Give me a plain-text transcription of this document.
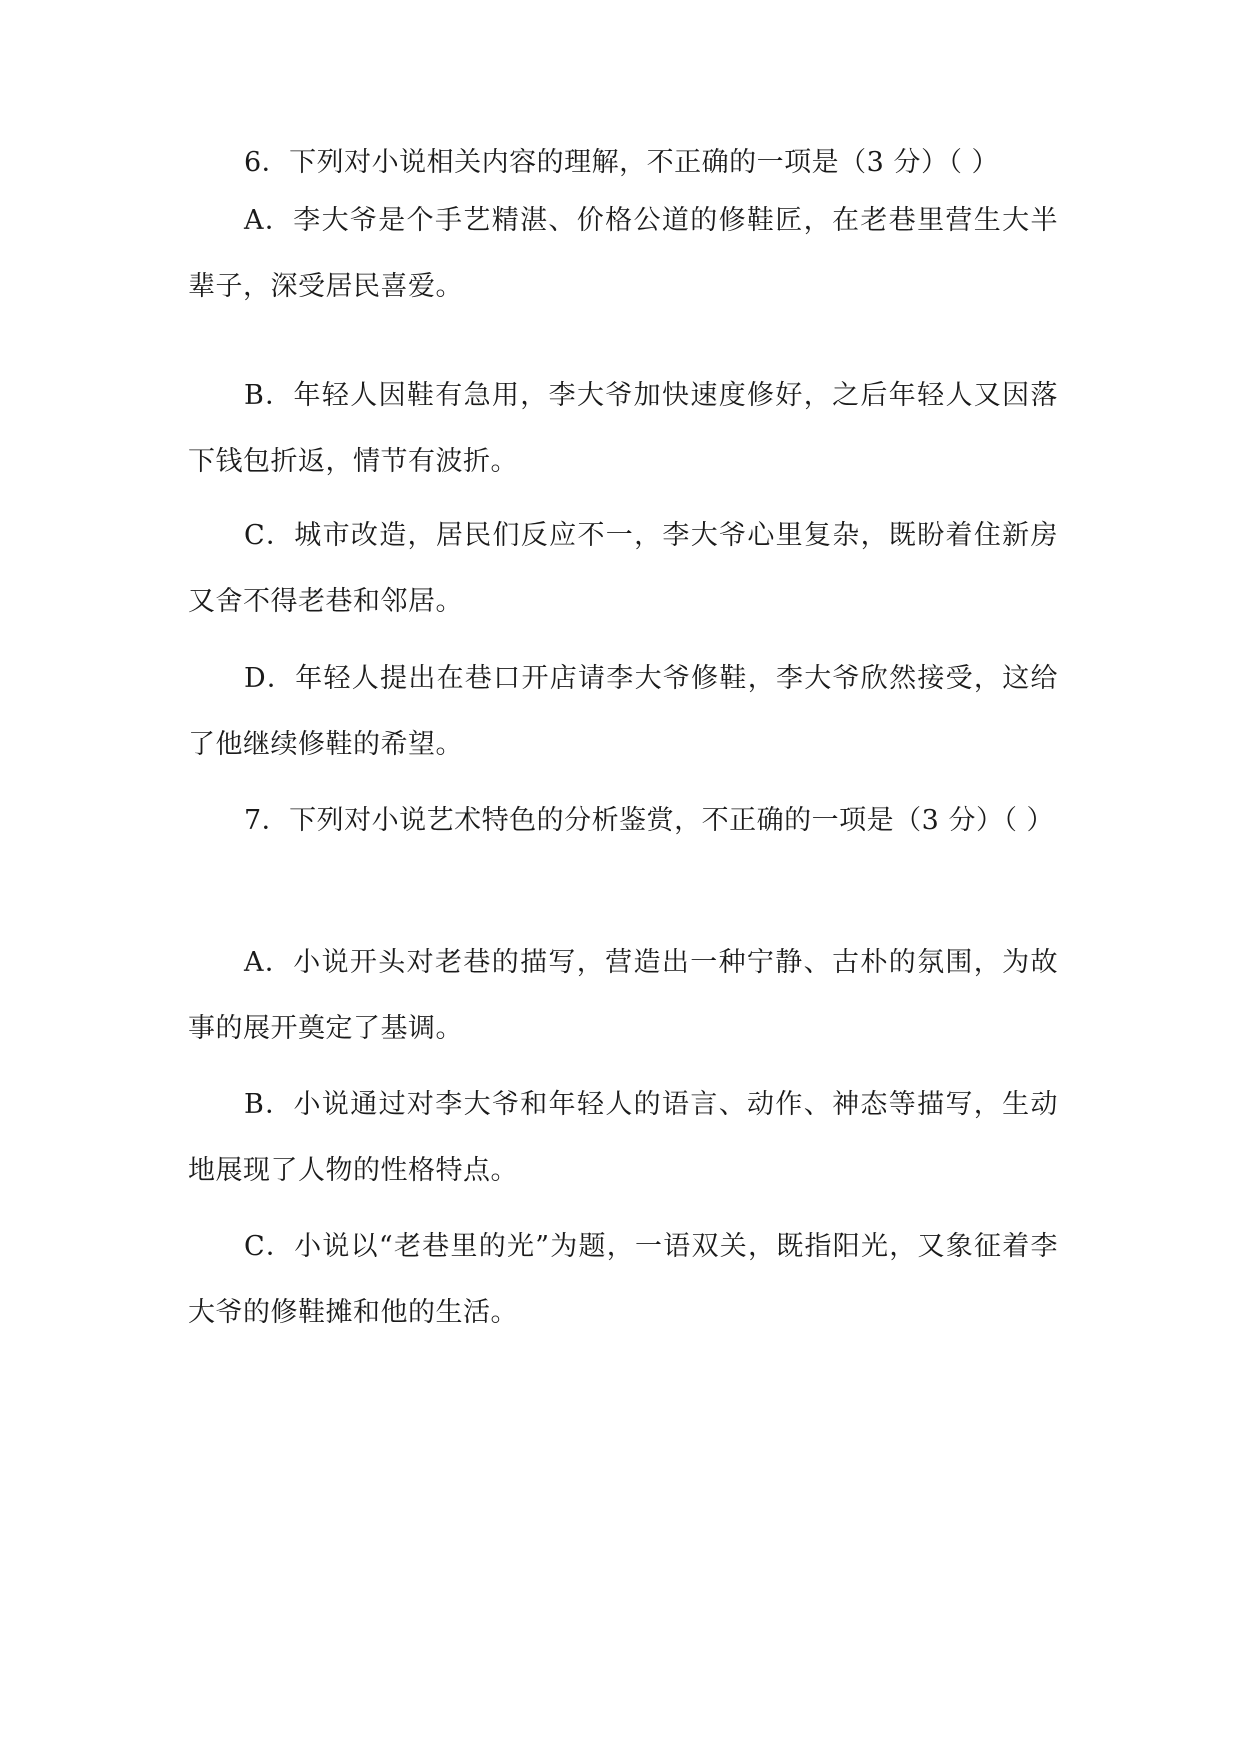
6．下列对小说相关内容的理解，不正确的一项是（3 分）（ ）

A．李大爷是个手艺精湛、价格公道的修鞋匠，在老巷里营生大半辈子，深受居民喜爱。

B．年轻人因鞋有急用，李大爷加快速度修好，之后年轻人又因落下钱包折返，情节有波折。

C．城市改造，居民们反应不一，李大爷心里复杂，既盼着住新房又舍不得老巷和邻居。

D．年轻人提出在巷口开店请李大爷修鞋，李大爷欣然接受，这给了他继续修鞋的希望。

7．下列对小说艺术特色的分析鉴赏，不正确的一项是（3 分）（ ）

A．小说开头对老巷的描写，营造出一种宁静、古朴的氛围，为故事的展开奠定了基调。

B．小说通过对李大爷和年轻人的语言、动作、神态等描写，生动地展现了人物的性格特点。

C．小说以“老巷里的光”为题，一语双关，既指阳光，又象征着李大爷的修鞋摊和他的生活。
